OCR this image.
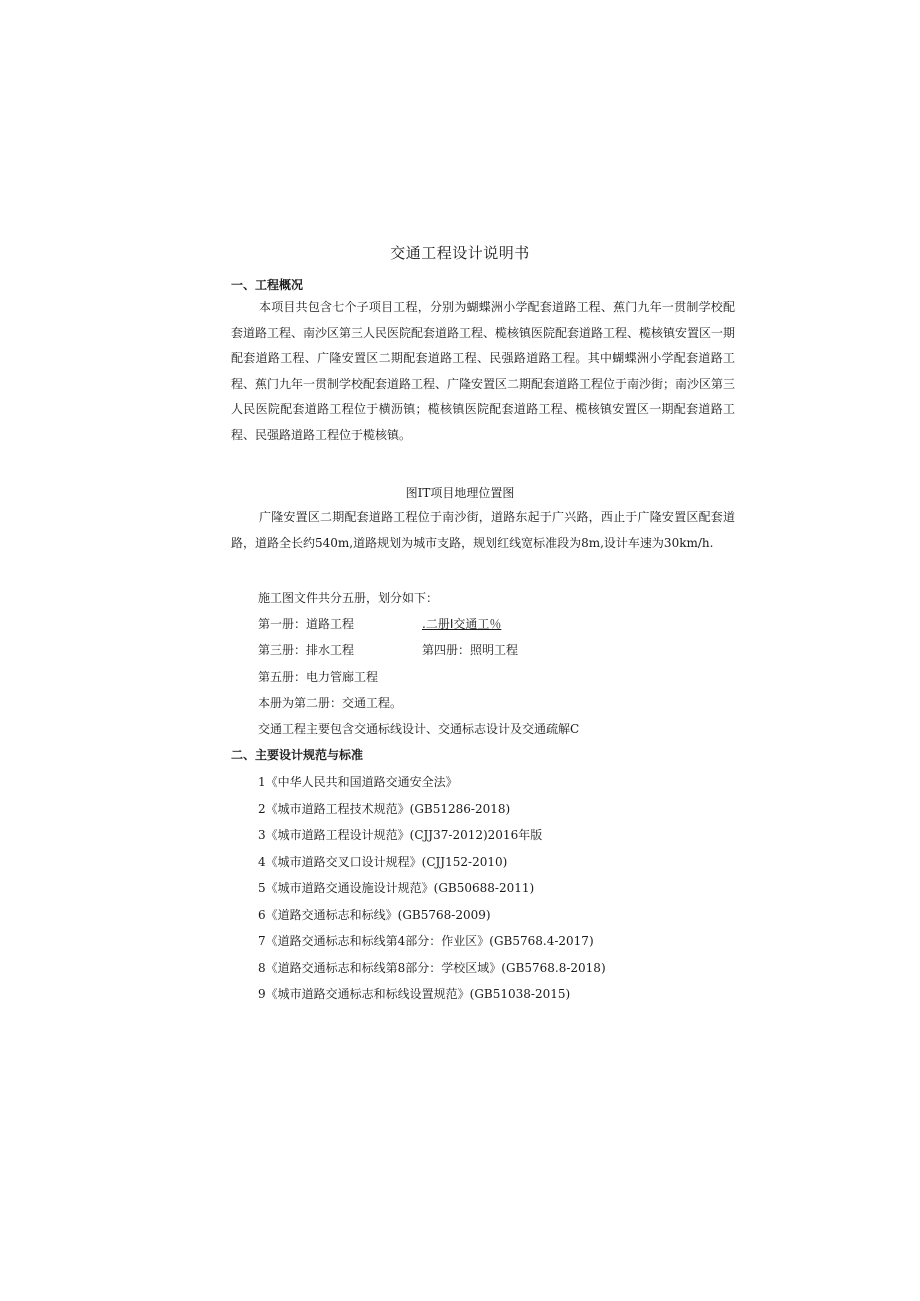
交通工程设计说明书
一、工程概况

本项目共包含七个子项目工程，分别为蝴蝶洲小学配套道路工程、蕉门九年一贯制学校配套道路工程、南沙区第三人民医院配套道路工程、榄核镇医院配套道路工程、榄核镇安置区一期配套道路工程、广隆安置区二期配套道路工程、民强路道路工程。其中蝴蝶洲小学配套道路工程、蕉门九年一贯制学校配套道路工程、广隆安置区二期配套道路工程位于南沙街；南沙区第三人民医院配套道路工程位于横沥镇；榄核镇医院配套道路工程、榄核镇安置区一期配套道路工程、民强路道路工程位于榄核镇。

图IT项目地理位置图

广隆安置区二期配套道路工程位于南沙街，道路东起于广兴路，西止于广隆安置区配套道路，道路全长约540m,道路规划为城市支路，规划红线宽标准段为8m,设计车速为30km/h.

施工图文件共分五册，划分如下：
第一册：道路工程	.二册I交通工％
第三册：排水工程	第四册：照明工程
第五册：电力管廊工程
本册为第二册：交通工程。
交通工程主要包含交通标线设计、交通标志设计及交通疏解C
二、主要设计规范与标准
1《中华人民共和国道路交通安全法》
2《城市道路工程技术规范》(GB51286-2018)
3《城市道路工程设计规范》(CJJ37-2012)2016年版
4《城市道路交叉口设计规程》(CJJ152-2010)
5《城市道路交通设施设计规范》(GB50688-2011)
6《道路交通标志和标线》(GB5768-2009)
7《道路交通标志和标线第4部分：作业区》(GB5768.4-2017)
8《道路交通标志和标线第8部分：学校区域》(GB5768.8-2018)
9《城市道路交通标志和标线设置规范》(GB51038-2015)
